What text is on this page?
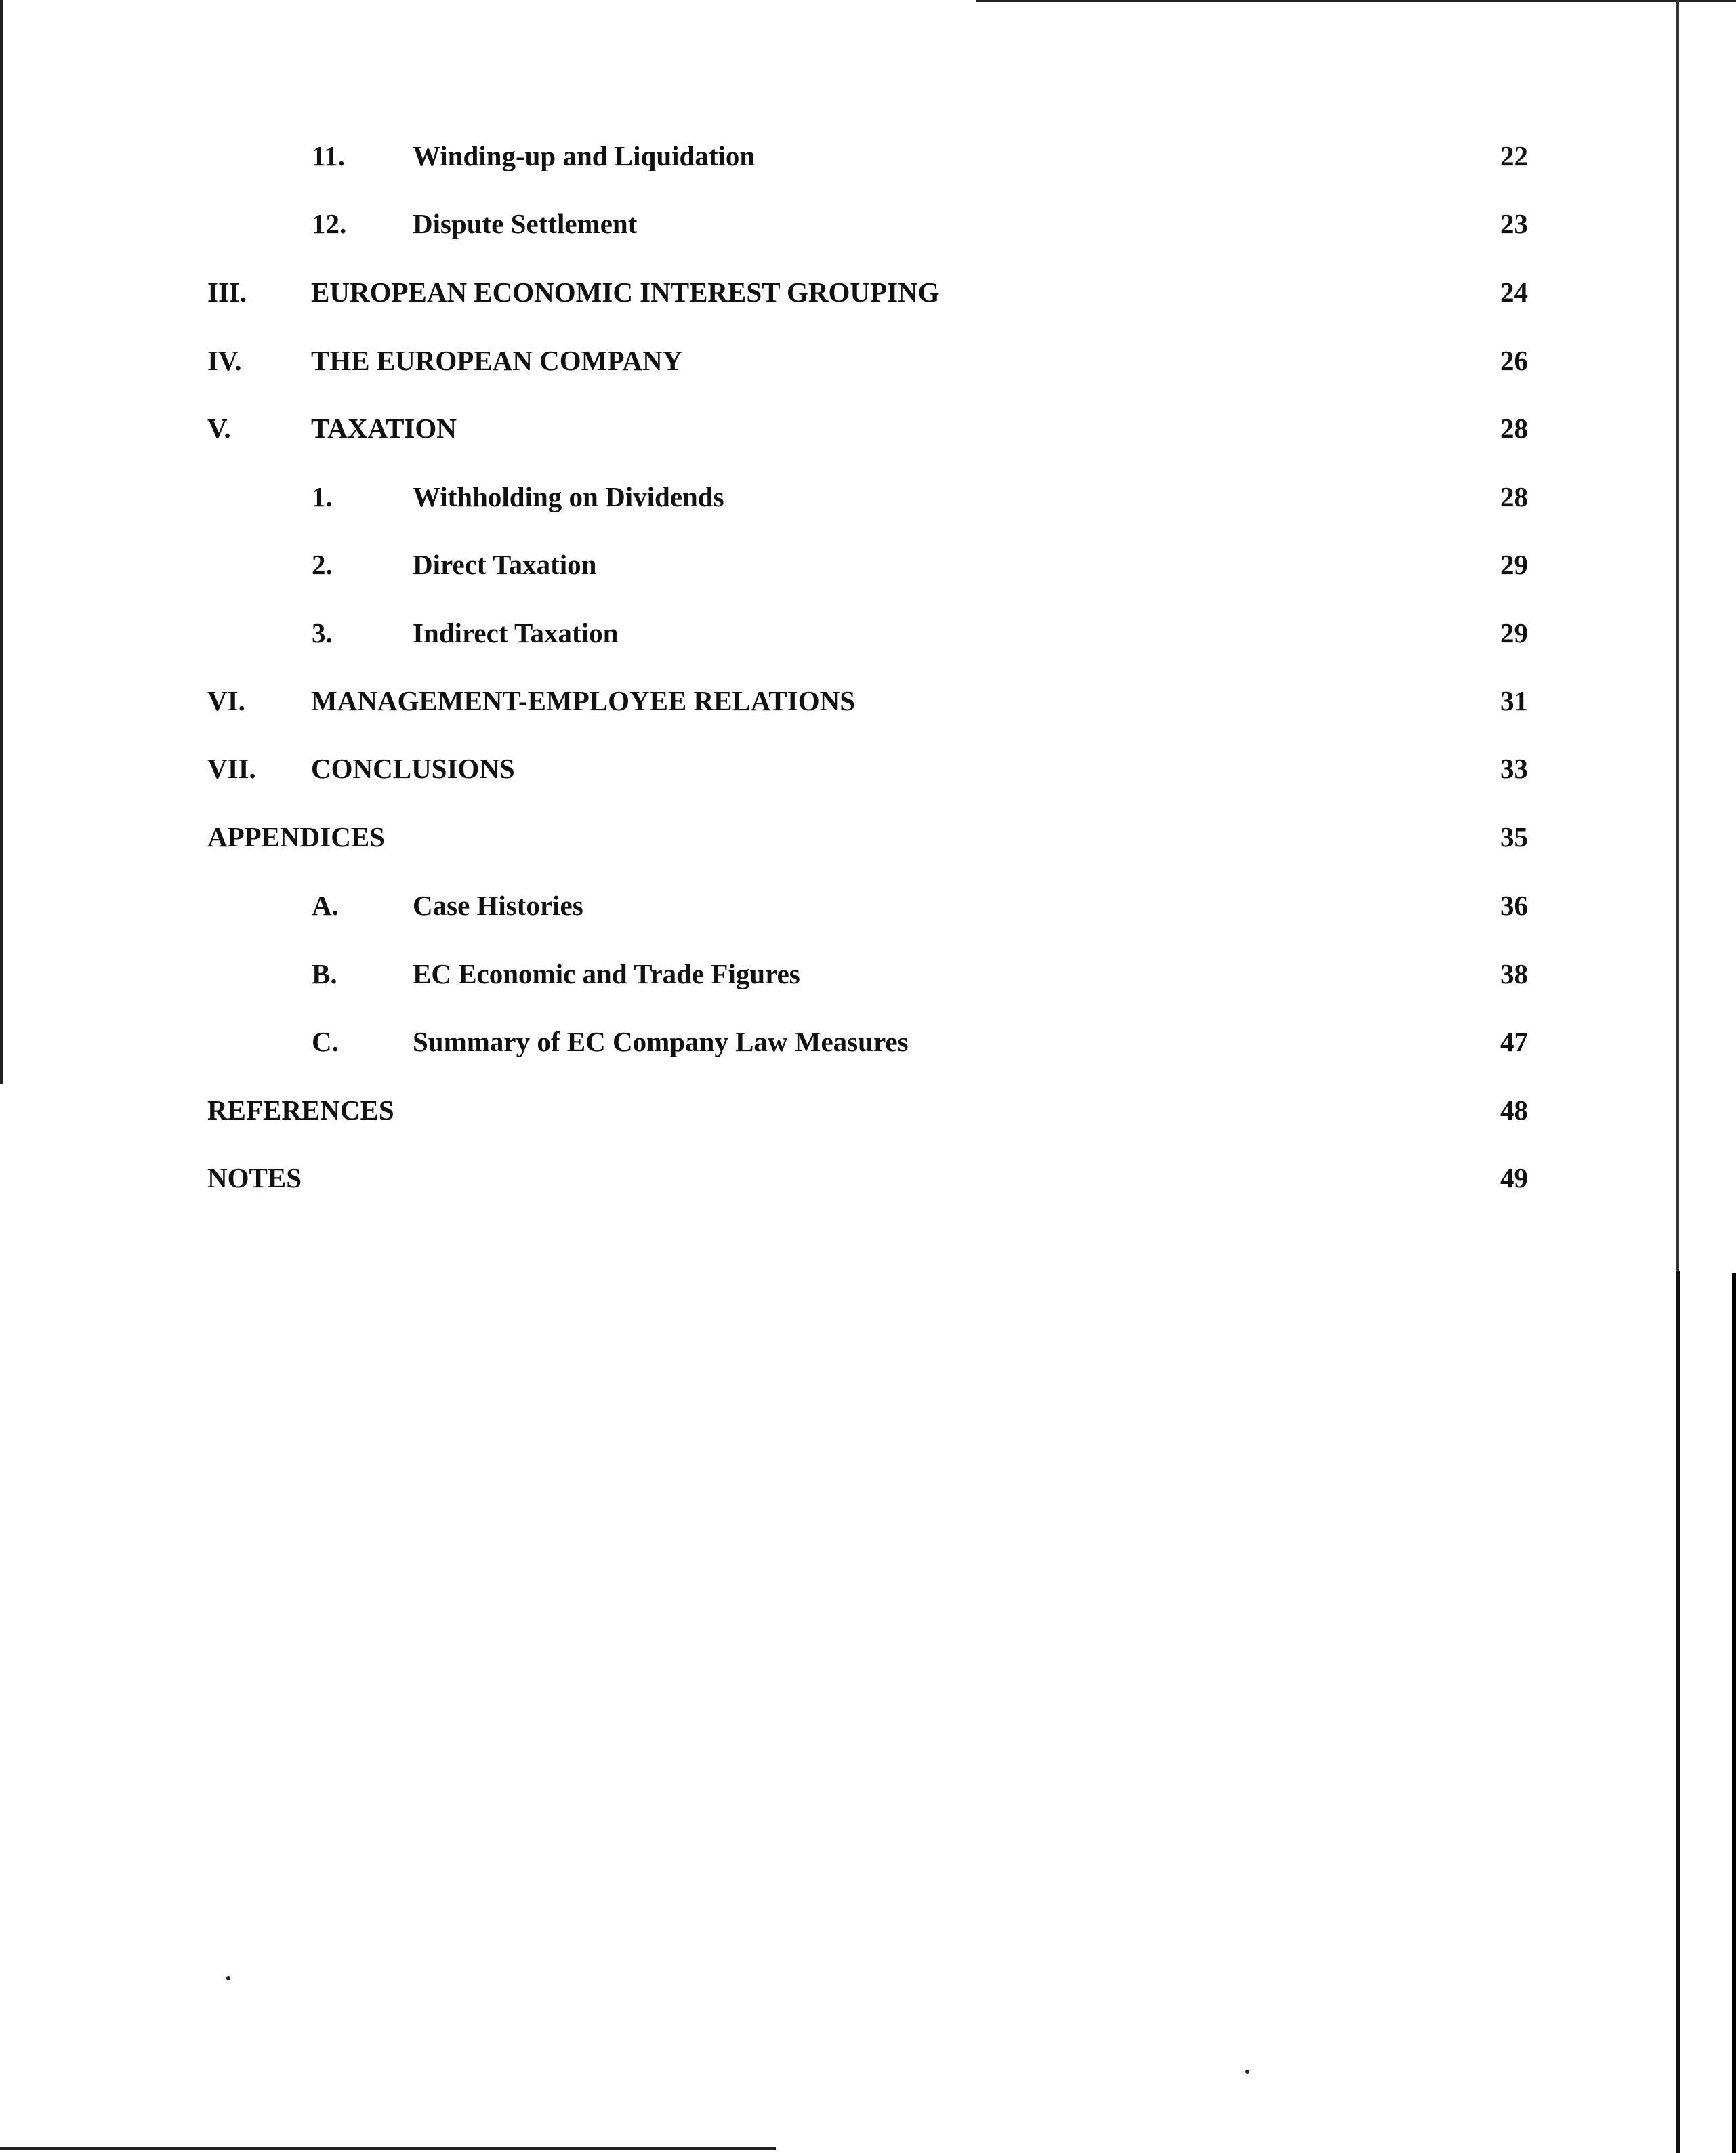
11. Winding-up and Liquidation	22
12. Dispute Settlement	23
III. EUROPEAN ECONOMIC INTEREST GROUPING	24
IV. THE EUROPEAN COMPANY	26
V.	TAXATION	28
1.	Withholding on Dividends	28
2.	Direct Taxation	29
3.	Indirect Taxation	29
VI. MANAGEMENT-EMPLOYEE RELATIONS	31
VII. CONCLUSIONS	33
APPENDICES	35
A.	Case Histories	36
B.	EC Economic and Trade Figures	38
C.	Summary of EC Company Law Measures	47
REFERENCES	48
NOTES	49
